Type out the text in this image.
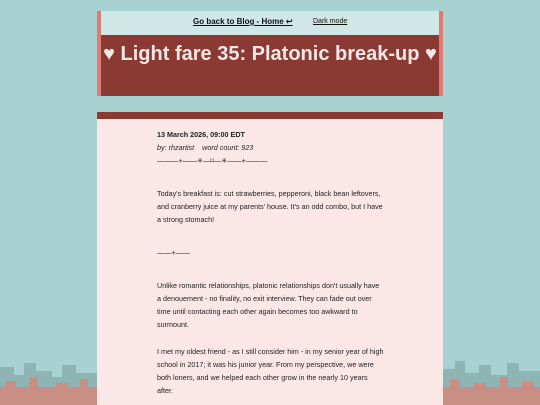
Go back to Blog - Home ↩	Dark mode
♥ Light fare 35: Platonic break-up ♥
13 March 2026, 09:00 EDT
by: rhzartist word count: 923
———+——✳—⌑—✳——+———

Today's breakfast is: cut strawberries, pepperoni, black bean leftovers, and cranberry juice at my parents' house. It's an odd combo, but I have a strong stomach!

——+——

Unlike romantic relationships, platonic relationships don't usually have a denouement - no finality, no exit interview. They can fade out over time until contacting each other again becomes too awkward to surmount.

I met my oldest friend - as I still consider him - in my senior year of high school in 2017; it was his junior year. From my perspective, we were both loners, and we helped each other grow in the nearly 10 years after.
